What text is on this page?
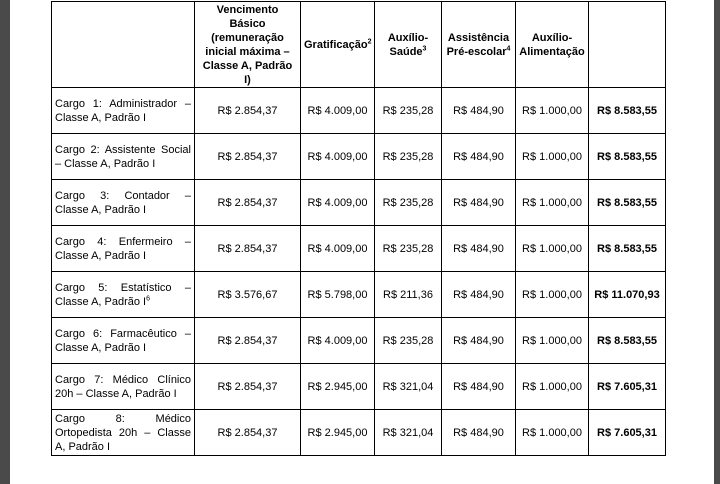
	Vencimento Básico (remuneração inicial máxima – Classe A, Padrão I)	Gratificação$^2$	Auxílio-Saúde$^3$	Assistência Pré-escolar$^4$	Auxílio-Alimentação	
Cargo 1: Administrador – Classe A, Padrão I	R$ 2.854,37	R$ 4.009,00	R$ 235,28	R$ 484,90	R$ 1.000,00	R$ 8.583,55
Cargo 2: Assistente Social – Classe A, Padrão I	R$ 2.854,37	R$ 4.009,00	R$ 235,28	R$ 484,90	R$ 1.000,00	R$ 8.583,55
Cargo 3: Contador – Classe A, Padrão I	R$ 2.854,37	R$ 4.009,00	R$ 235,28	R$ 484,90	R$ 1.000,00	R$ 8.583,55
Cargo 4: Enfermeiro – Classe A, Padrão I	R$ 2.854,37	R$ 4.009,00	R$ 235,28	R$ 484,90	R$ 1.000,00	R$ 8.583,55
Cargo 5: Estatístico – Classe A, Padrão $I^6$	R$ 3.576,67	R$ 5.798,00	R$ 211,36	R$ 484,90	R$ 1.000,00	R$ 11.070,93
Cargo 6: Farmacêutico – Classe A, Padrão I	R$ 2.854,37	R$ 4.009,00	R$ 235,28	R$ 484,90	R$ 1.000,00	R$ 8.583,55
Cargo 7: Médico Clínico 20h – Classe A, Padrão I	R$ 2.854,37	R$ 2.945,00	R$ 321,04	R$ 484,90	R$ 1.000,00	R$ 7.605,31
Cargo 8: Médico Ortopedista 20h – Classe A, Padrão I	R$ 2.854,37	R$ 2.945,00	R$ 321,04	R$ 484,90	R$ 1.000,00	R$ 7.605,31
